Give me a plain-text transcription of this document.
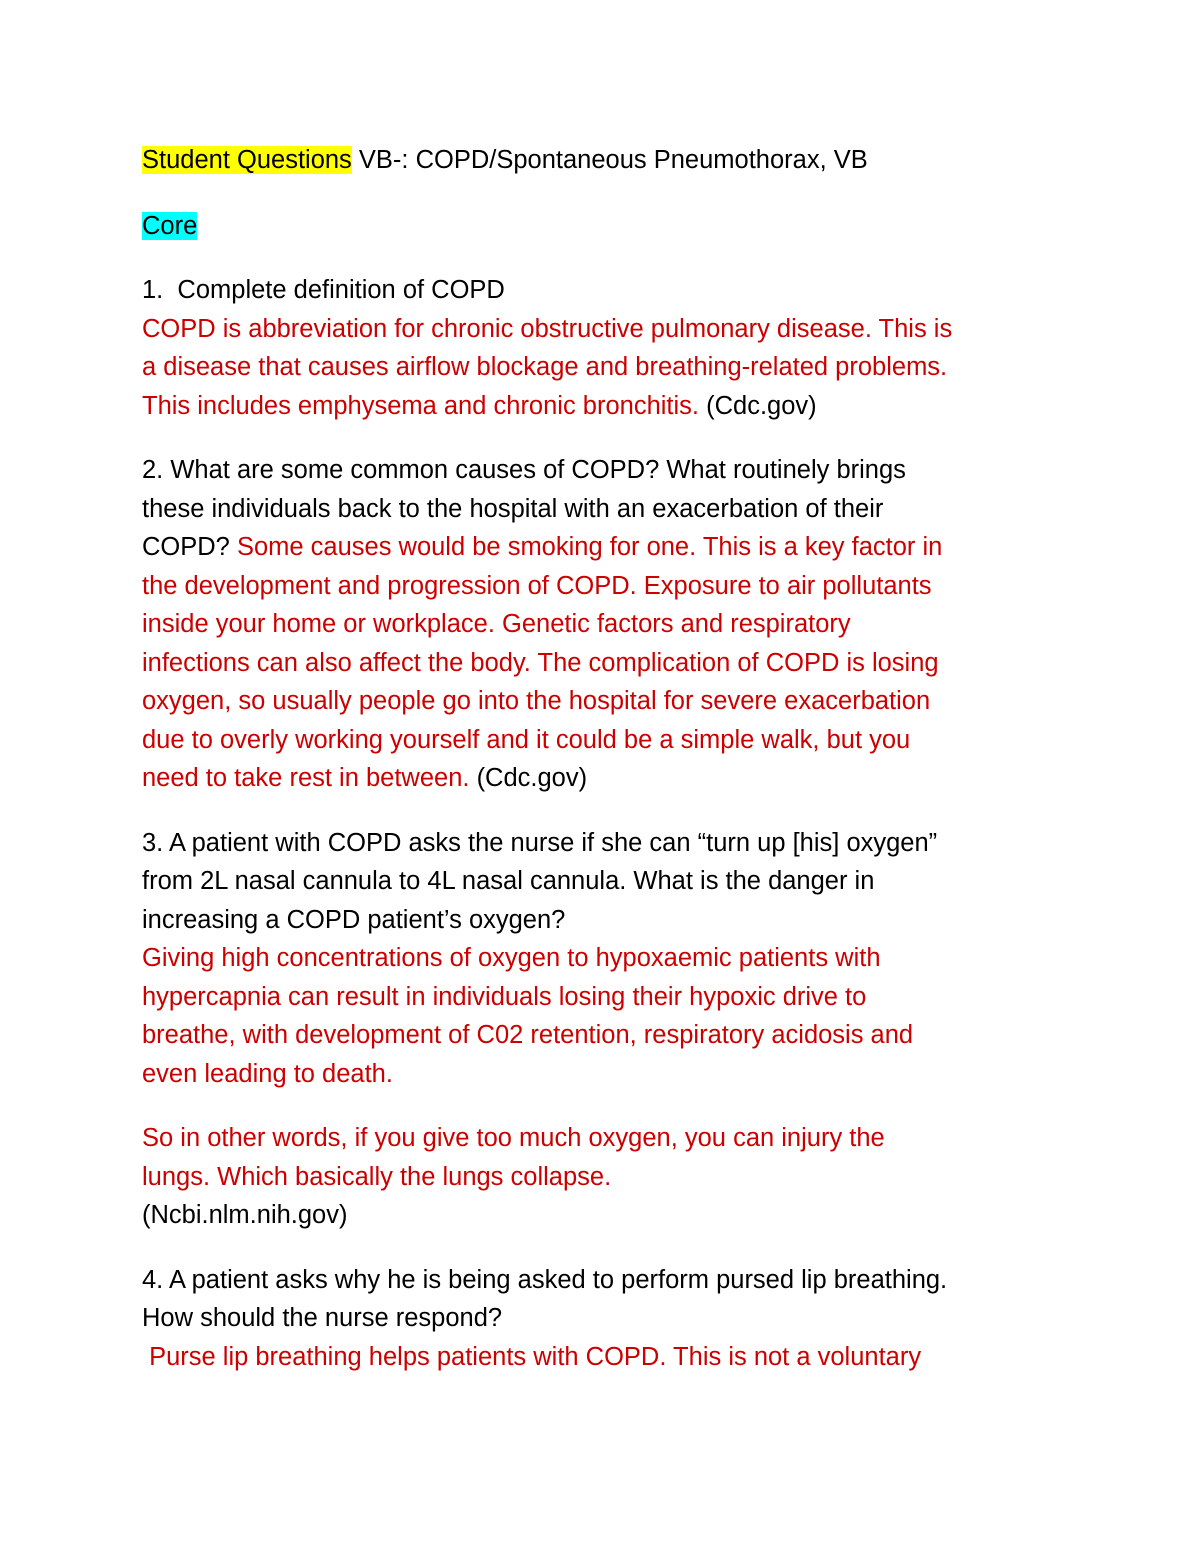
Student Questions VB-: COPD/Spontaneous Pneumothorax, VB

Core

1.  Complete definition of COPD
COPD is abbreviation for chronic obstructive pulmonary disease. This is
a disease that causes airflow blockage and breathing-related problems.
This includes emphysema and chronic bronchitis. (Cdc.gov)
2. What are some common causes of COPD? What routinely brings
these individuals back to the hospital with an exacerbation of their
COPD? Some causes would be smoking for one. This is a key factor in
the development and progression of COPD. Exposure to air pollutants
inside your home or workplace. Genetic factors and respiratory
infections can also affect the body. The complication of COPD is losing
oxygen, so usually people go into the hospital for severe exacerbation
due to overly working yourself and it could be a simple walk, but you
need to take rest in between. (Cdc.gov)
3. A patient with COPD asks the nurse if she can “turn up [his] oxygen”
from 2L nasal cannula to 4L nasal cannula. What is the danger in
increasing a COPD patient’s oxygen?
Giving high concentrations of oxygen to hypoxaemic patients with
hypercapnia can result in individuals losing their hypoxic drive to
breathe, with development of C02 retention, respiratory acidosis and
even leading to death.
So in other words, if you give too much oxygen, you can injury the
lungs. Which basically the lungs collapse.
(Ncbi.nlm.nih.gov)
4. A patient asks why he is being asked to perform pursed lip breathing.
How should the nurse respond?
Purse lip breathing helps patients with COPD. This is not a voluntary
